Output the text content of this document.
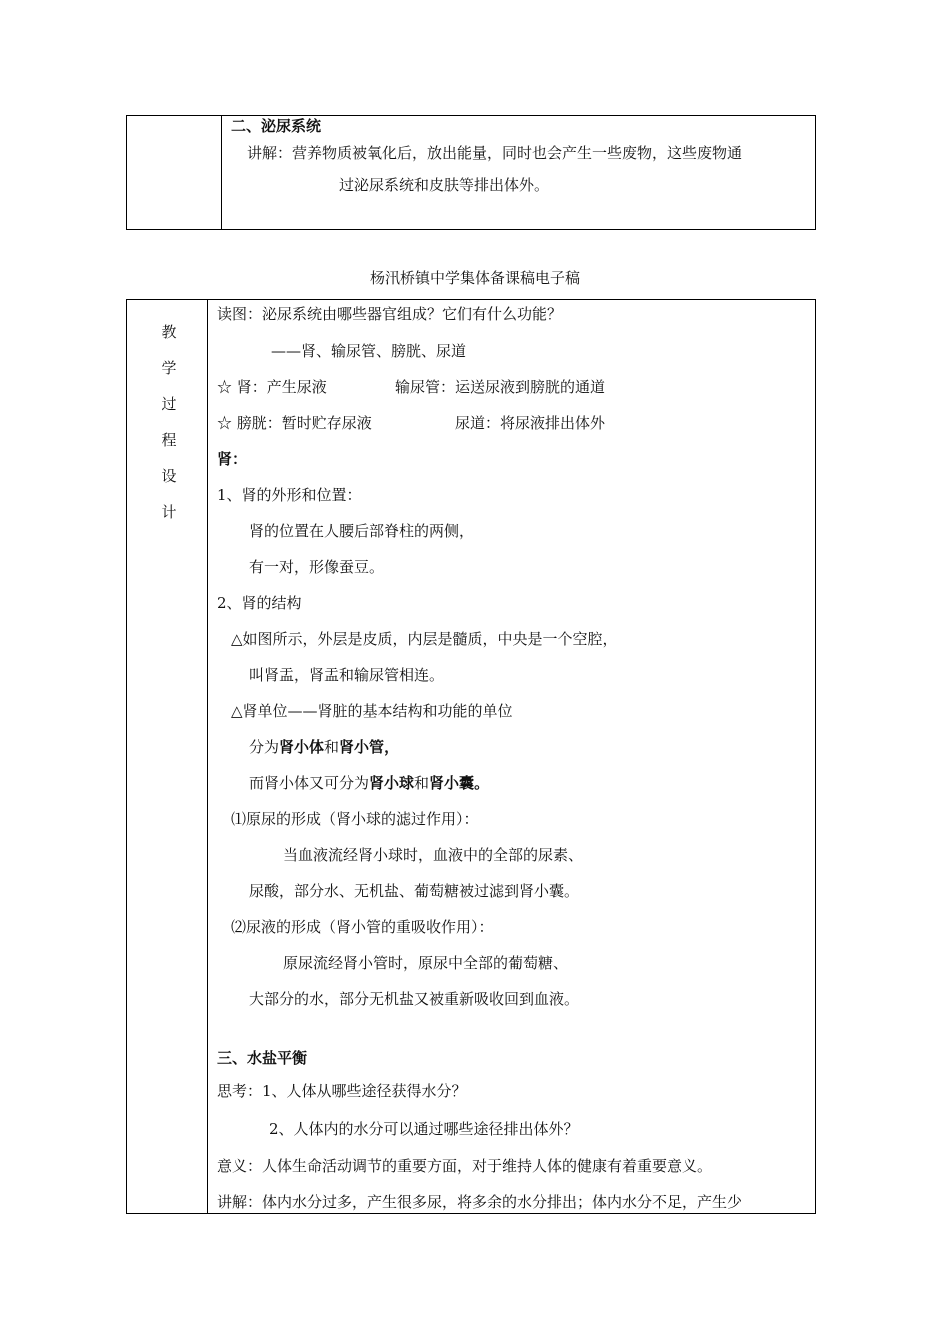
二、泌尿系统
讲解：营养物质被氧化后，放出能量，同时也会产生一些废物，这些废物通
过泌尿系统和皮肤等排出体外。
杨汛桥镇中学集体备课稿电子稿
教
学
过
程
设
计
读图：泌尿系统由哪些器官组成？它们有什么功能？
——肾、输尿管、膀胱、尿道
☆ 肾：产生尿液	输尿管：运送尿液到膀胱的通道
☆ 膀胱：暂时贮存尿液	尿道：将尿液排出体外
肾：
1、肾的外形和位置：
肾的位置在人腰后部脊柱的两侧，
有一对，形像蚕豆。
2、肾的结构
△如图所示，外层是皮质，内层是髓质，中央是一个空腔，
叫肾盂，肾盂和输尿管相连。
△肾单位——肾脏的基本结构和功能的单位
分为肾小体和肾小管，
而肾小体又可分为肾小球和肾小囊。
⑴原尿的形成（肾小球的滤过作用）：
当血液流经肾小球时，血液中的全部的尿素、
尿酸，部分水、无机盐、葡萄糖被过滤到肾小囊。
⑵尿液的形成（肾小管的重吸收作用）：
原尿流经肾小管时，原尿中全部的葡萄糖、
大部分的水，部分无机盐又被重新吸收回到血液。
三、水盐平衡
思考：1、人体从哪些途径获得水分？
2、人体内的水分可以通过哪些途径排出体外？
意义：人体生命活动调节的重要方面，对于维持人体的健康有着重要意义。
讲解：体内水分过多，产生很多尿，将多余的水分排出；体内水分不足，产生少
